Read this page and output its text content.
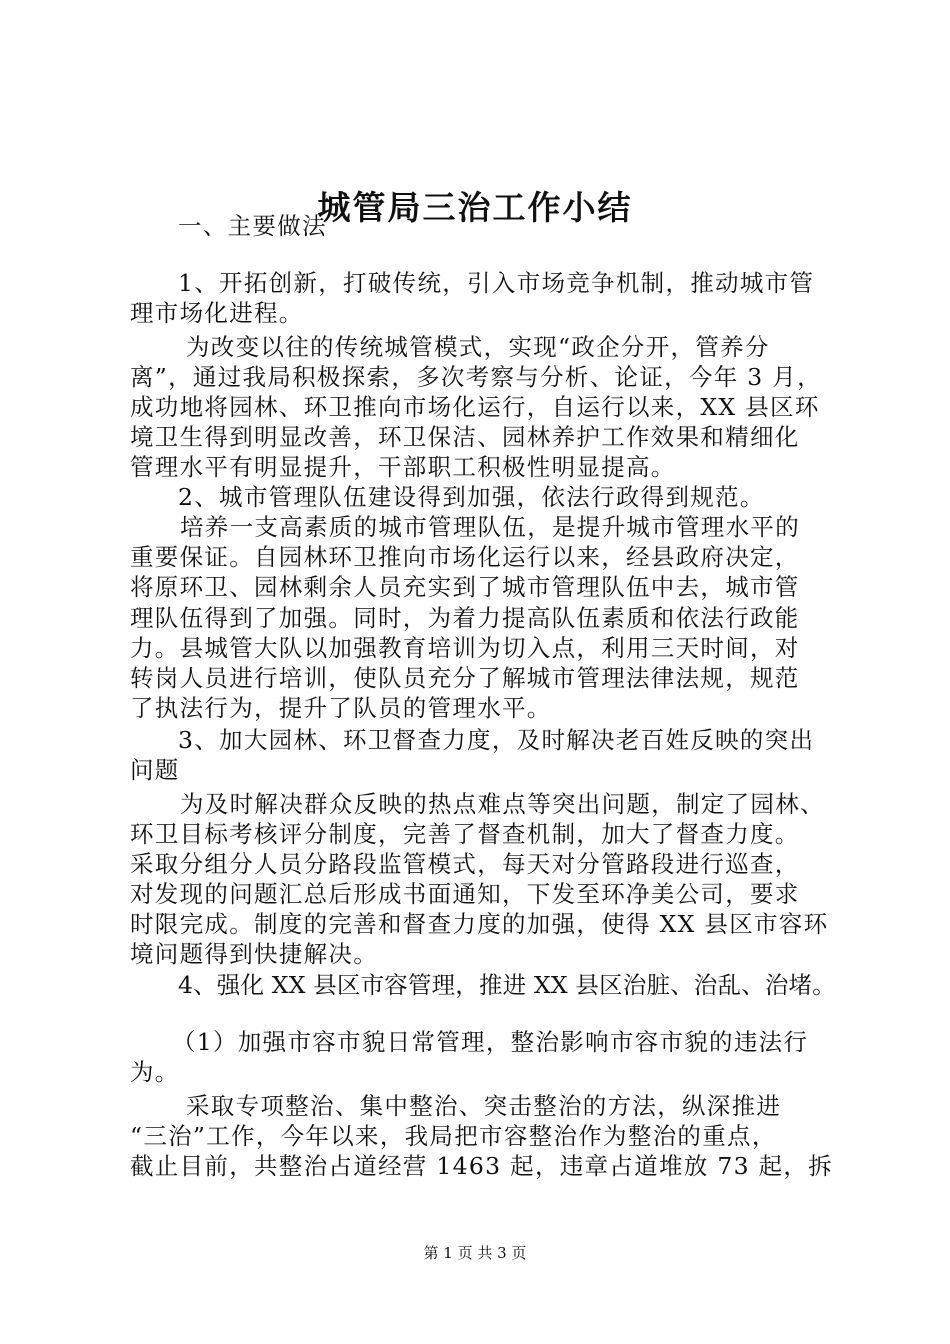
城管局三治工作小结
一、主要做法
1、开拓创新，打破传统，引入市场竞争机制，推动城市管
理市场化进程。
为改变以往的传统城管模式，实现“政企分开，管养分
离”，通过我局积极探索，多次考察与分析、论证，今年 3 月，
成功地将园林、环卫推向市场化运行，自运行以来，XX 县区环
境卫生得到明显改善，环卫保洁、园林养护工作效果和精细化
管理水平有明显提升，干部职工积极性明显提高。
2、城市管理队伍建设得到加强，依法行政得到规范。
培养一支高素质的城市管理队伍，是提升城市管理水平的
重要保证。自园林环卫推向市场化运行以来，经县政府决定，
将原环卫、园林剩余人员充实到了城市管理队伍中去，城市管
理队伍得到了加强。同时，为着力提高队伍素质和依法行政能
力。县城管大队以加强教育培训为切入点，利用三天时间，对
转岗人员进行培训，使队员充分了解城市管理法律法规，规范
了执法行为，提升了队员的管理水平。
3、加大园林、环卫督查力度，及时解决老百姓反映的突出
问题
为及时解决群众反映的热点难点等突出问题，制定了园林、
环卫目标考核评分制度，完善了督查机制，加大了督查力度。
采取分组分人员分路段监管模式，每天对分管路段进行巡查，
对发现的问题汇总后形成书面通知，下发至环净美公司，要求
时限完成。制度的完善和督查力度的加强，使得 XX 县区市容环
境问题得到快捷解决。
4、强化 XX 县区市容管理，推进 XX 县区治脏、治乱、治堵。
（1）加强市容市貌日常管理，整治影响市容市貌的违法行
为。
采取专项整治、集中整治、突击整治的方法，纵深推进
“三治”工作，今年以来，我局把市容整治作为整治的重点，
截止目前，共整治占道经营 1463 起，违章占道堆放 73 起，拆
第 1 页 共 3 页
